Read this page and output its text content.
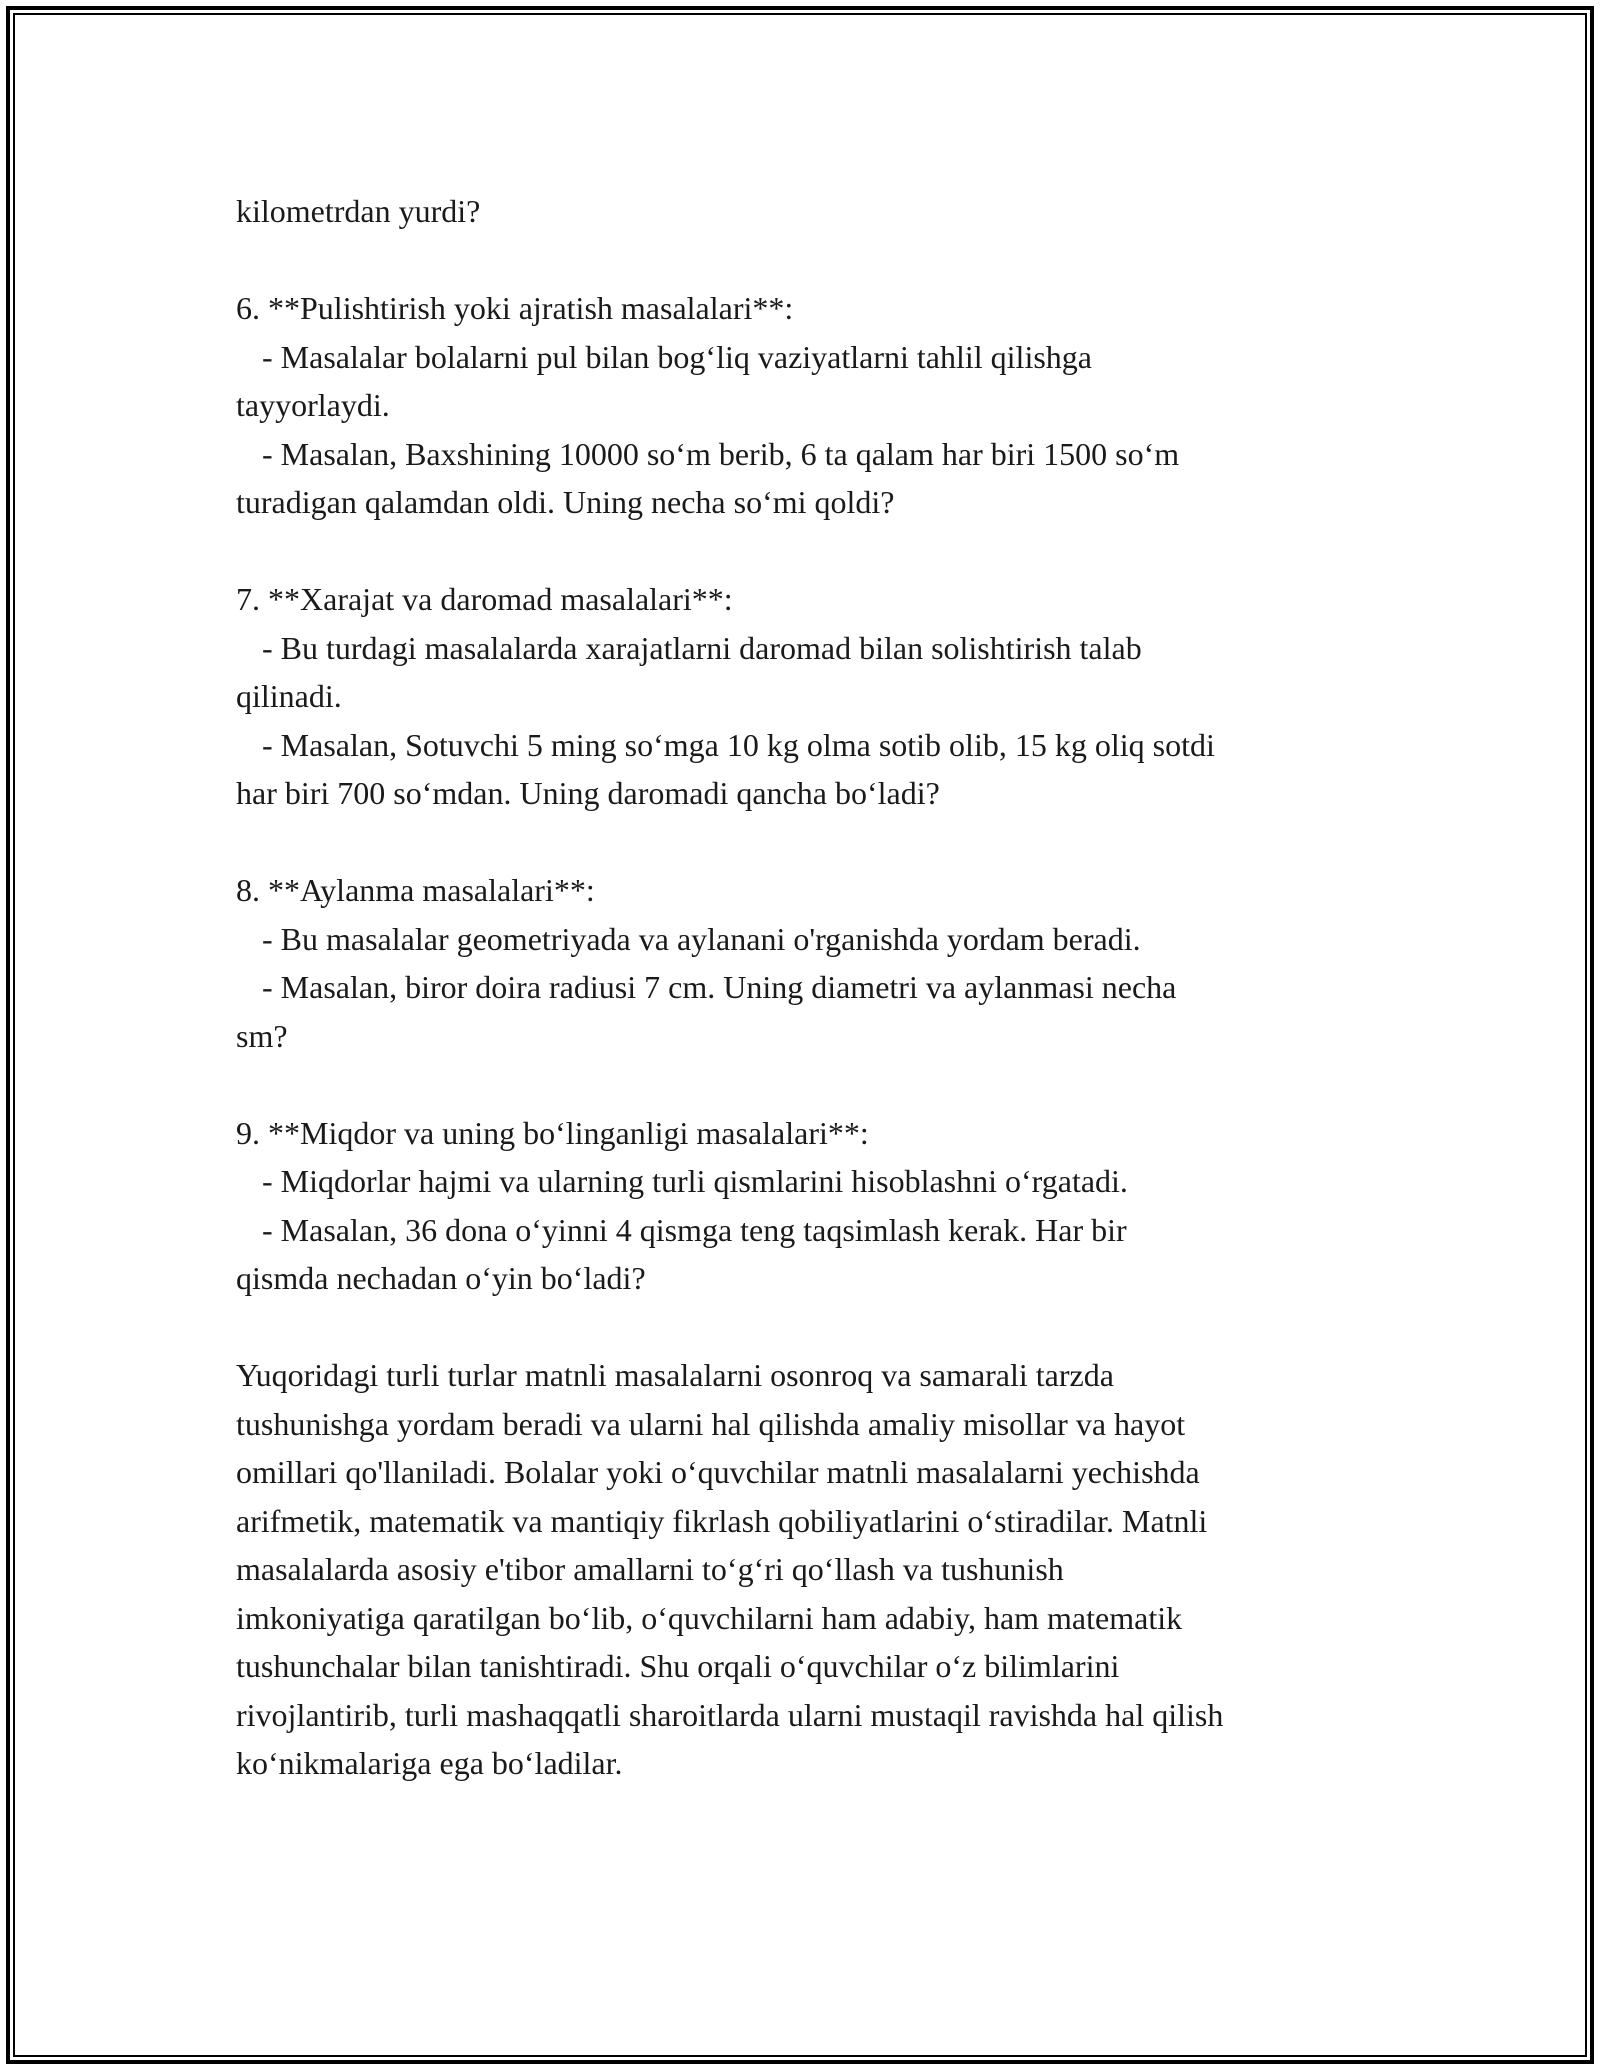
kilometrdan yurdi?
6. **Pulishtirish yoki ajratish masalalari**:
- Masalalar bolalarni pul bilan bog‘liq vaziyatlarni tahlil qilishga
tayyorlaydi.
- Masalan, Baxshining 10000 so‘m berib, 6 ta qalam har biri 1500 so‘m
turadigan qalamdan oldi. Uning necha so‘mi qoldi?
7. **Xarajat va daromad masalalari**:
- Bu turdagi masalalarda xarajatlarni daromad bilan solishtirish talab
qilinadi.
- Masalan, Sotuvchi 5 ming so‘mga 10 kg olma sotib olib, 15 kg oliq sotdi
har biri 700 so‘mdan. Uning daromadi qancha bo‘ladi?
8. **Aylanma masalalari**:
- Bu masalalar geometriyada va aylanani o'rganishda yordam beradi.
- Masalan, biror doira radiusi 7 cm. Uning diametri va aylanmasi necha
sm?
9. **Miqdor va uning bo‘linganligi masalalari**:
- Miqdorlar hajmi va ularning turli qismlarini hisoblashni o‘rgatadi.
- Masalan, 36 dona o‘yinni 4 qismga teng taqsimlash kerak. Har bir
qismda nechadan o‘yin bo‘ladi?
Yuqoridagi turli turlar matnli masalalarni osonroq va samarali tarzda
tushunishga yordam beradi va ularni hal qilishda amaliy misollar va hayot
omillari qo'llaniladi. Bolalar yoki o‘quvchilar matnli masalalarni yechishda
arifmetik, matematik va mantiqiy fikrlash qobiliyatlarini o‘stiradilar. Matnli
masalalarda asosiy e'tibor amallarni to‘g‘ri qo‘llash va tushunish
imkoniyatiga qaratilgan bo‘lib, o‘quvchilarni ham adabiy, ham matematik
tushunchalar bilan tanishtiradi. Shu orqali o‘quvchilar o‘z bilimlarini
rivojlantirib, turli mashaqqatli sharoitlarda ularni mustaqil ravishda hal qilish
ko‘nikmalariga ega bo‘ladilar.
